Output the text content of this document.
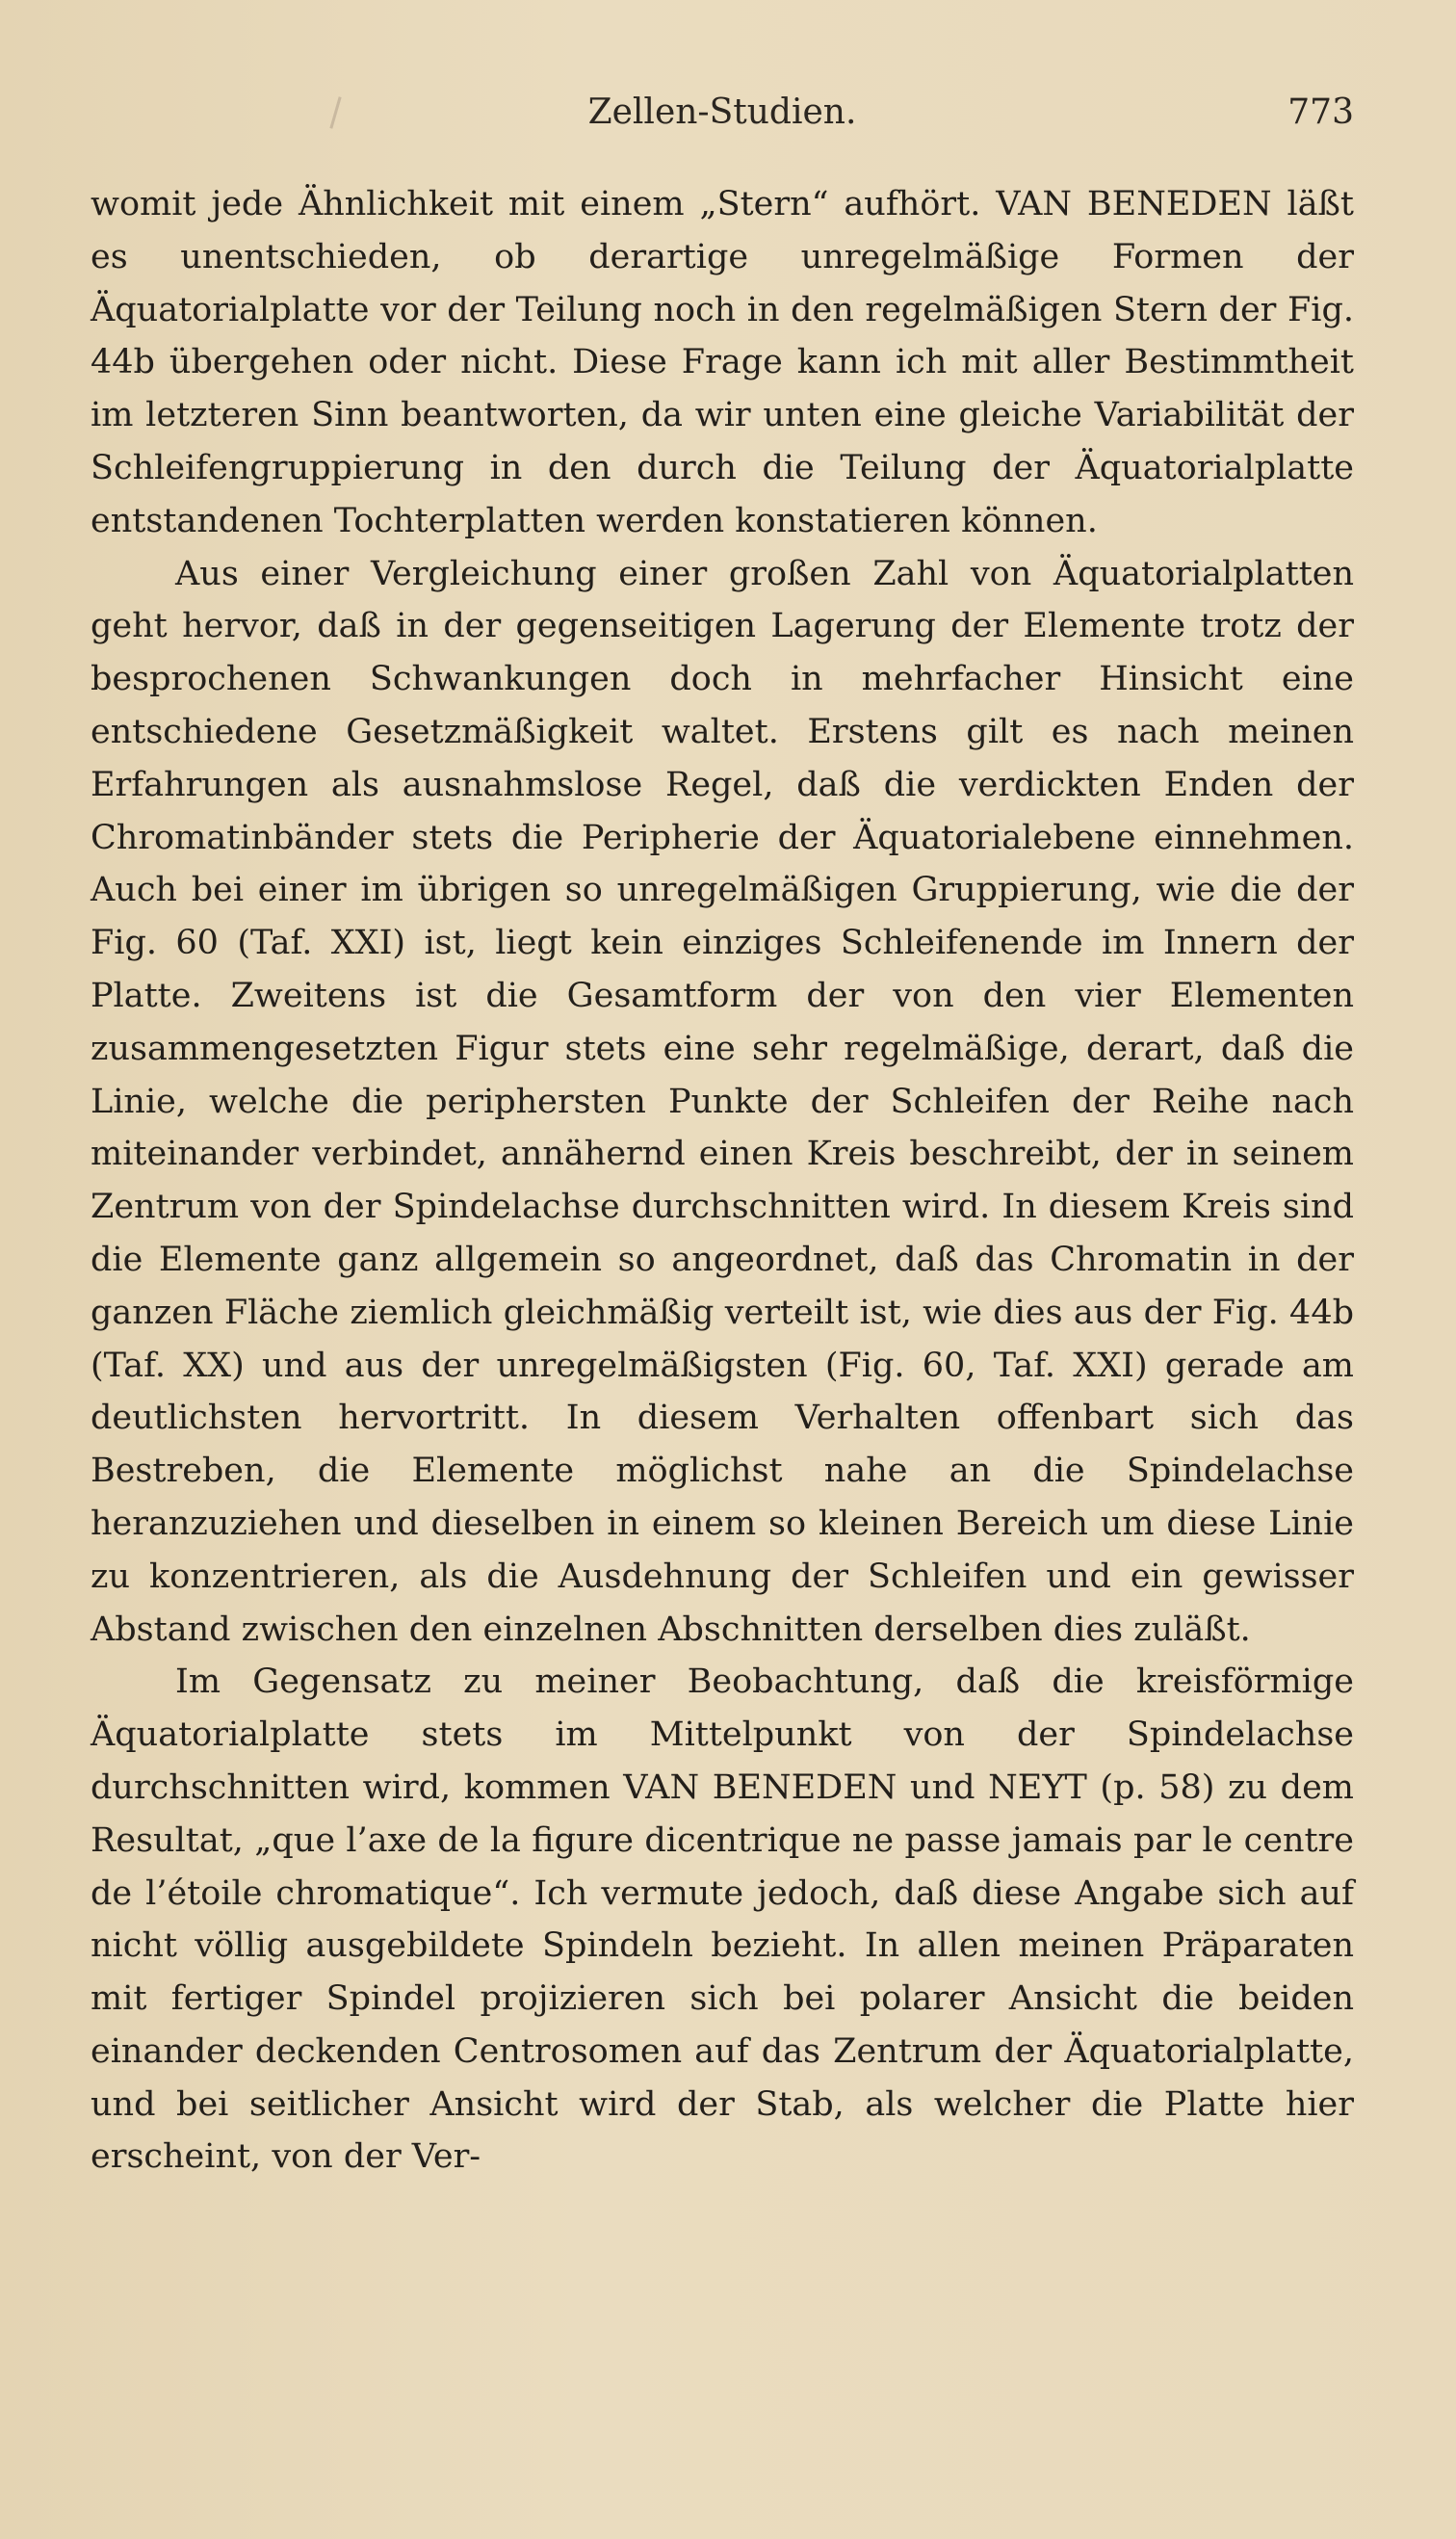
Zellen-Studien.	773

womit jede Ähnlichkeit mit einem „Stern“ aufhört. VAN BENEDEN läßt es unentschieden, ob derartige unregelmäßige Formen der Äquatorialplatte vor der Teilung noch in den regelmäßigen Stern der Fig. 44b übergehen oder nicht. Diese Frage kann ich mit aller Bestimmtheit im letzteren Sinn beantworten, da wir unten eine gleiche Variabilität der Schleifengruppierung in den durch die Teilung der Äquatorialplatte entstandenen Tochterplatten werden konstatieren können.

Aus einer Vergleichung einer großen Zahl von Äquatorialplatten geht hervor, daß in der gegenseitigen Lagerung der Elemente trotz der besprochenen Schwankungen doch in mehrfacher Hinsicht eine entschiedene Gesetzmäßigkeit waltet. Erstens gilt es nach meinen Erfahrungen als ausnahmslose Regel, daß die verdickten Enden der Chromatinbänder stets die Peripherie der Äquatorialebene einnehmen. Auch bei einer im übrigen so unregelmäßigen Gruppierung, wie die der Fig. 60 (Taf. XXI) ist, liegt kein einziges Schleifenende im Innern der Platte. Zweitens ist die Gesamtform der von den vier Elementen zusammengesetzten Figur stets eine sehr regelmäßige, derart, daß die Linie, welche die periphersten Punkte der Schleifen der Reihe nach miteinander verbindet, annähernd einen Kreis beschreibt, der in seinem Zentrum von der Spindelachse durchschnitten wird. In diesem Kreis sind die Elemente ganz allgemein so angeordnet, daß das Chromatin in der ganzen Fläche ziemlich gleichmäßig verteilt ist, wie dies aus der Fig. 44b (Taf. XX) und aus der unregelmäßigsten (Fig. 60, Taf. XXI) gerade am deutlichsten hervortritt. In diesem Verhalten offenbart sich das Bestreben, die Elemente möglichst nahe an die Spindelachse heranzuziehen und dieselben in einem so kleinen Bereich um diese Linie zu konzentrieren, als die Ausdehnung der Schleifen und ein gewisser Abstand zwischen den einzelnen Abschnitten derselben dies zuläßt.

Im Gegensatz zu meiner Beobachtung, daß die kreisförmige Äquatorialplatte stets im Mittelpunkt von der Spindelachse durchschnitten wird, kommen VAN BENEDEN und NEYT (p. 58) zu dem Resultat, „que l’axe de la figure dicentrique ne passe jamais par le centre de l’étoile chromatique“. Ich vermute jedoch, daß diese Angabe sich auf nicht völlig ausgebildete Spindeln bezieht. In allen meinen Präparaten mit fertiger Spindel projizieren sich bei polarer Ansicht die beiden einander deckenden Centrosomen auf das Zentrum der Äquatorialplatte, und bei seitlicher Ansicht wird der Stab, als welcher die Platte hier erscheint, von der Ver-
